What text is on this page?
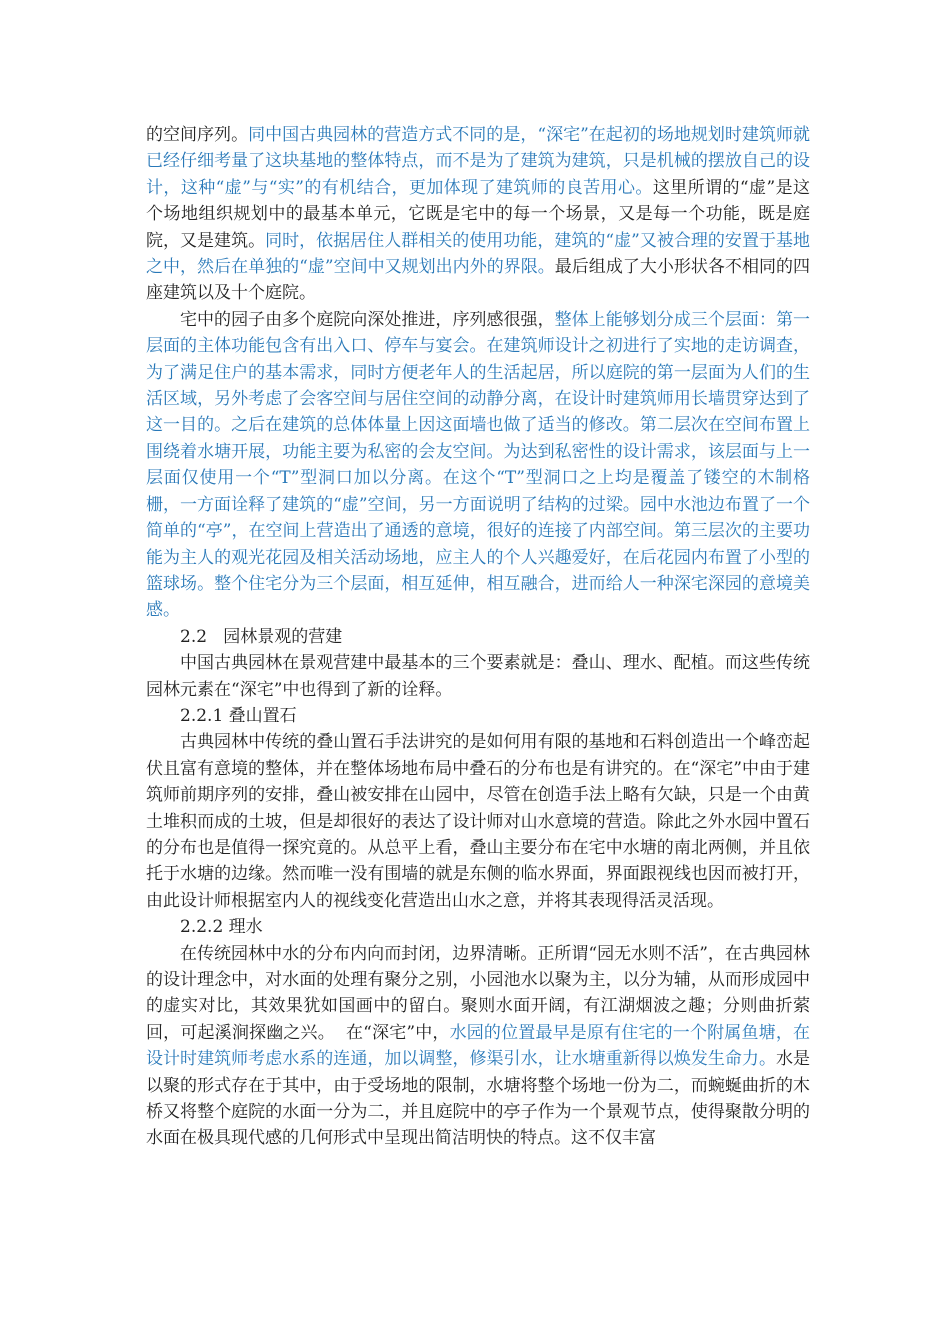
的空间序列。同中国古典园林的营造方式不同的是，“深宅”在起初的场地规划时建筑师就已经仔细考量了这块基地的整体特点，而不是为了建筑为建筑，只是机械的摆放自己的设计，这种“虚”与“实”的有机结合，更加体现了建筑师的良苦用心。这里所谓的“虚”是这个场地组织规划中的最基本单元，它既是宅中的每一个场景，又是每一个功能，既是庭院，又是建筑。同时，依据居住人群相关的使用功能，建筑的“虚”又被合理的安置于基地之中，然后在单独的“虚”空间中又规划出内外的界限。最后组成了大小形状各不相同的四座建筑以及十个庭院。

宅中的园子由多个庭院向深处推进，序列感很强，整体上能够划分成三个层面：第一层面的主体功能包含有出入口、停车与宴会。在建筑师设计之初进行了实地的走访调查，为了满足住户的基本需求，同时方便老年人的生活起居，所以庭院的第一层面为人们的生活区域，另外考虑了会客空间与居住空间的动静分离，在设计时建筑师用长墙贯穿达到了这一目的。之后在建筑的总体体量上因这面墙也做了适当的修改。第二层次在空间布置上围绕着水塘开展，功能主要为私密的会友空间。为达到私密性的设计需求，该层面与上一层面仅使用一个“T”型洞口加以分离。在这个“T”型洞口之上均是覆盖了镂空的木制格栅，一方面诠释了建筑的“虚”空间，另一方面说明了结构的过梁。园中水池边布置了一个简单的“亭”，在空间上营造出了通透的意境，很好的连接了内部空间。第三层次的主要功能为主人的观光花园及相关活动场地，应主人的个人兴趣爱好，在后花园内布置了小型的篮球场。整个住宅分为三个层面，相互延伸，相互融合，进而给人一种深宅深园的意境美感。

2.2   园林景观的营建

中国古典园林在景观营建中最基本的三个要素就是：叠山、理水、配植。而这些传统园林元素在“深宅”中也得到了新的诠释。

2.2.1 叠山置石

古典园林中传统的叠山置石手法讲究的是如何用有限的基地和石料创造出一个峰峦起伏且富有意境的整体，并在整体场地布局中叠石的分布也是有讲究的。在“深宅”中由于建筑师前期序列的安排，叠山被安排在山园中，尽管在创造手法上略有欠缺，只是一个由黄土堆积而成的土坡，但是却很好的表达了设计师对山水意境的营造。除此之外水园中置石的分布也是值得一探究竟的。从总平上看，叠山主要分布在宅中水塘的南北两侧，并且依托于水塘的边缘。然而唯一没有围墙的就是东侧的临水界面，界面跟视线也因而被打开，由此设计师根据室内人的视线变化营造出山水之意，并将其表现得活灵活现。

2.2.2 理水

在传统园林中水的分布内向而封闭，边界清晰。正所谓“园无水则不活”，在古典园林的设计理念中，对水面的处理有聚分之别，小园池水以聚为主，以分为辅，从而形成园中的虚实对比，其效果犹如国画中的留白。聚则水面开阔，有江湖烟波之趣；分则曲折萦回，可起溪涧探幽之兴。  在“深宅”中，水园的位置最早是原有住宅的一个附属鱼塘，在设计时建筑师考虑水系的连通，加以调整，修渠引水，让水塘重新得以焕发生命力。水是以聚的形式存在于其中，由于受场地的限制，水塘将整个场地一份为二，而蜿蜒曲折的木桥又将整个庭院的水面一分为二，并且庭院中的亭子作为一个景观节点，使得聚散分明的水面在极具现代感的几何形式中呈现出简洁明快的特点。这不仅丰富
